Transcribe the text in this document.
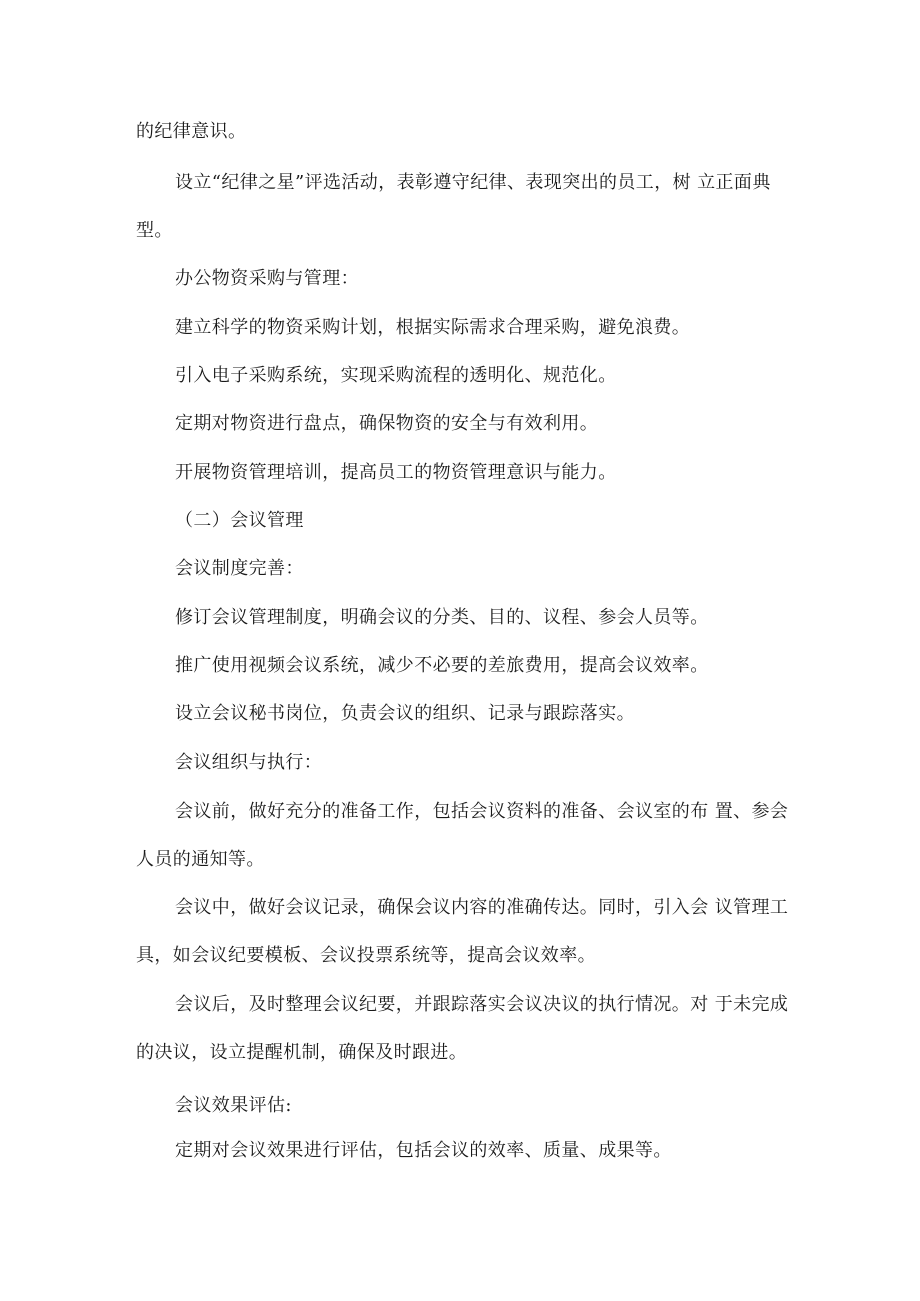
的纪律意识。

设立“纪律之星”评选活动，表彰遵守纪律、表现突出的员工，树 立正面典

型。

办公物资采购与管理：

建立科学的物资采购计划，根据实际需求合理采购，避免浪费。

引入电子采购系统，实现采购流程的透明化、规范化。

定期对物资进行盘点，确保物资的安全与有效利用。

开展物资管理培训，提高员工的物资管理意识与能力。

（二）会议管理

会议制度完善：

修订会议管理制度，明确会议的分类、目的、议程、参会人员等。

推广使用视频会议系统，减少不必要的差旅费用，提高会议效率。

设立会议秘书岗位，负责会议的组织、记录与跟踪落实。

会议组织与执行：

会议前，做好充分的准备工作，包括会议资料的准备、会议室的布 置、参会

人员的通知等。

会议中，做好会议记录，确保会议内容的准确传达。同时，引入会 议管理工

具，如会议纪要模板、会议投票系统等，提高会议效率。

会议后，及时整理会议纪要，并跟踪落实会议决议的执行情况。对 于未完成

的决议，设立提醒机制，确保及时跟进。

会议效果评估:

定期对会议效果进行评估，包括会议的效率、质量、成果等。
